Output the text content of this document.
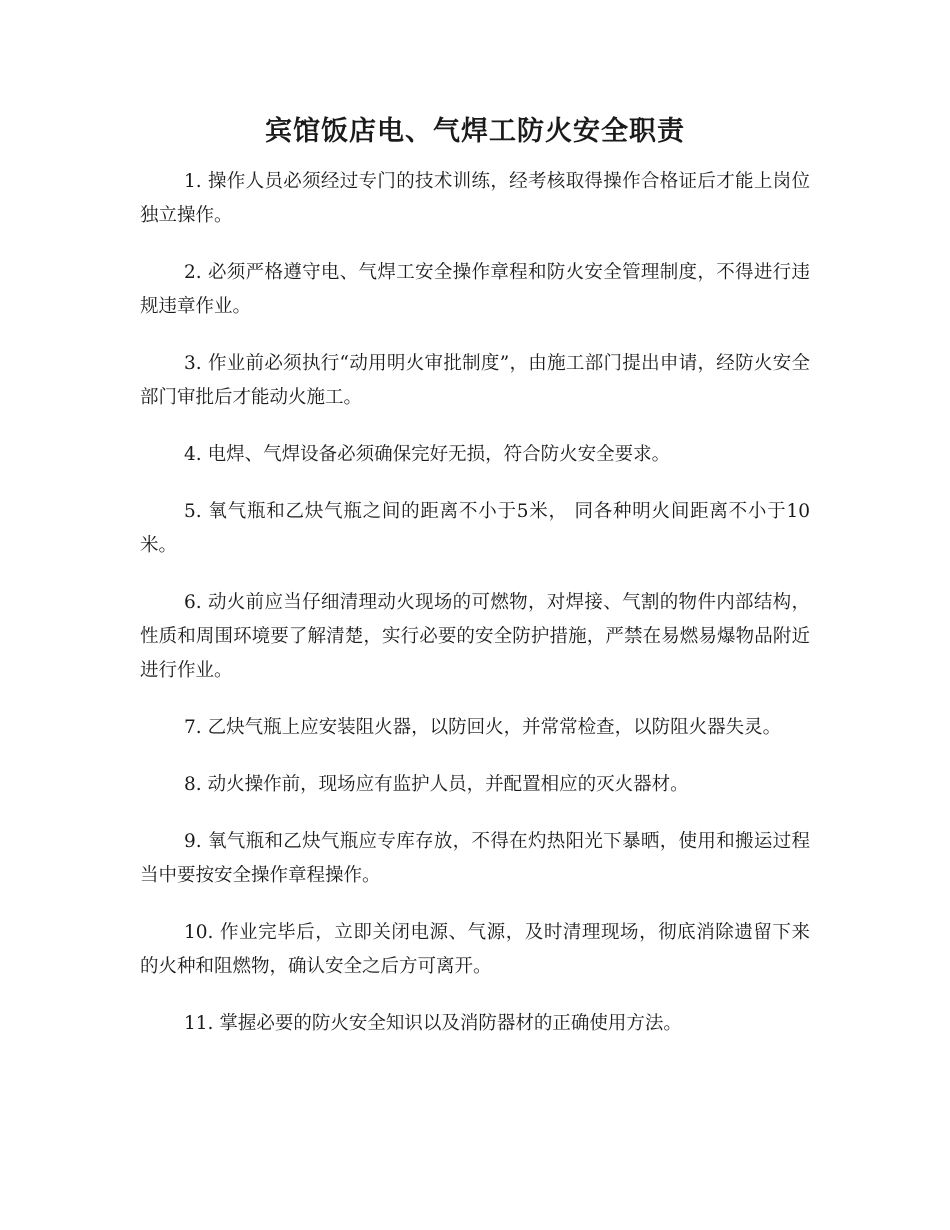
宾馆饭店电、气焊工防火安全职责

1. 操作人员必须经过专门的技术训练，经考核取得操作合格证后才能上岗位独立操作。

2. 必须严格遵守电、气焊工安全操作章程和防火安全管理制度，不得进行违规违章作业。

3. 作业前必须执行“动用明火审批制度”，由施工部门提出申请，经防火安全部门审批后才能动火施工。

4. 电焊、气焊设备必须确保完好无损，符合防火安全要求。

5. 氧气瓶和乙炔气瓶之间的距离不小于5米， 同各种明火间距离不小于10米。

6. 动火前应当仔细清理动火现场的可燃物，对焊接、气割的物件内部结构，性质和周围环境要了解清楚，实行必要的安全防护措施，严禁在易燃易爆物品附近进行作业。

7. 乙炔气瓶上应安装阻火器，以防回火，并常常检查，以防阻火器失灵。

8. 动火操作前，现场应有监护人员，并配置相应的灭火器材。

9. 氧气瓶和乙炔气瓶应专库存放，不得在灼热阳光下暴晒，使用和搬运过程当中要按安全操作章程操作。

10. 作业完毕后，立即关闭电源、气源，及时清理现场，彻底消除遗留下来的火种和阻燃物，确认安全之后方可离开。

11. 掌握必要的防火安全知识以及消防器材的正确使用方法。
